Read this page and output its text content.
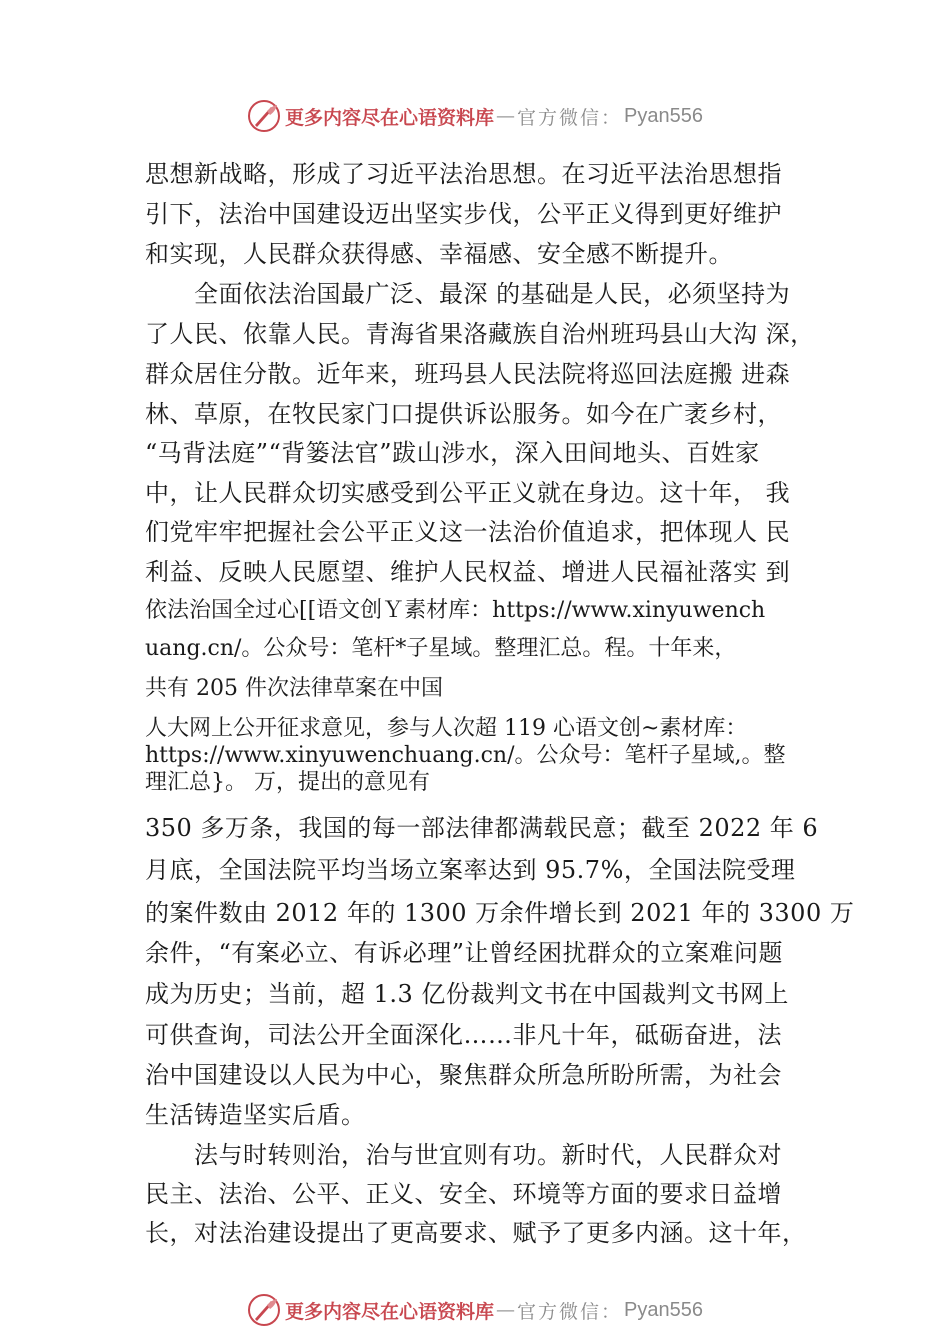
更多内容尽在心语资料库 — 官方微信： Pyan556
思想新战略，形成了习近平法治思想。在习近平法治思想指
引下，法治中国建设迈出坚实步伐，公平正义得到更好维护
和实现，人民群众获得感、幸福感、安全感不断提升。
　　全面依法治国最广泛、最深 的基础是人民，必须坚持为
了人民、依靠人民。青海省果洛藏族自治州班玛县山大沟 深，
群众居住分散。近年来，班玛县人民法院将巡回法庭搬 进森
林、草原，在牧民家门口提供诉讼服务。如今在广袤乡村，
“马背法庭”“背篓法官”跋山涉水，深入田间地头、百姓家
中，让人民群众切实感受到公平正义就在身边。这十年， 我
们党牢牢把握社会公平正义这一法治价值追求，把体现人 民
利益、反映人民愿望、维护人民权益、增进人民福祉落实 到
依法治国全过心[[语文创Ｙ素材库：https://www.xinyuwench
uang.cn/。公众号：笔杆*子星域。整理汇总。程。十年来，
共有 205 件次法律草案在中国
人大网上公开征求意见，参与人次超 119 心语文创~素材库：
https://www.xinyuwenchuang.cn/。公众号：笔杆子星域,。整
理汇总}。 万，提出的意见有
350 多万条，我国的每一部法律都满载民意；截至 2022 年 6
月底，全国法院平均当场立案率达到 95.7%，全国法院受理
的案件数由 2012 年的 1300 万余件增长到 2021 年的 3300 万
余件，“有案必立、有诉必理”让曾经困扰群众的立案难问题
成为历史；当前，超 1.3 亿份裁判文书在中国裁判文书网上
可供查询，司法公开全面深化……非凡十年，砥砺奋进，法
治中国建设以人民为中心，聚焦群众所急所盼所需，为社会
生活铸造坚实后盾。
　　法与时转则治，治与世宜则有功。新时代，人民群众对
民主、法治、公平、正义、安全、环境等方面的要求日益增
长，对法治建设提出了更高要求、赋予了更多内涵。这十年，
更多内容尽在心语资料库 — 官方微信： Pyan556
